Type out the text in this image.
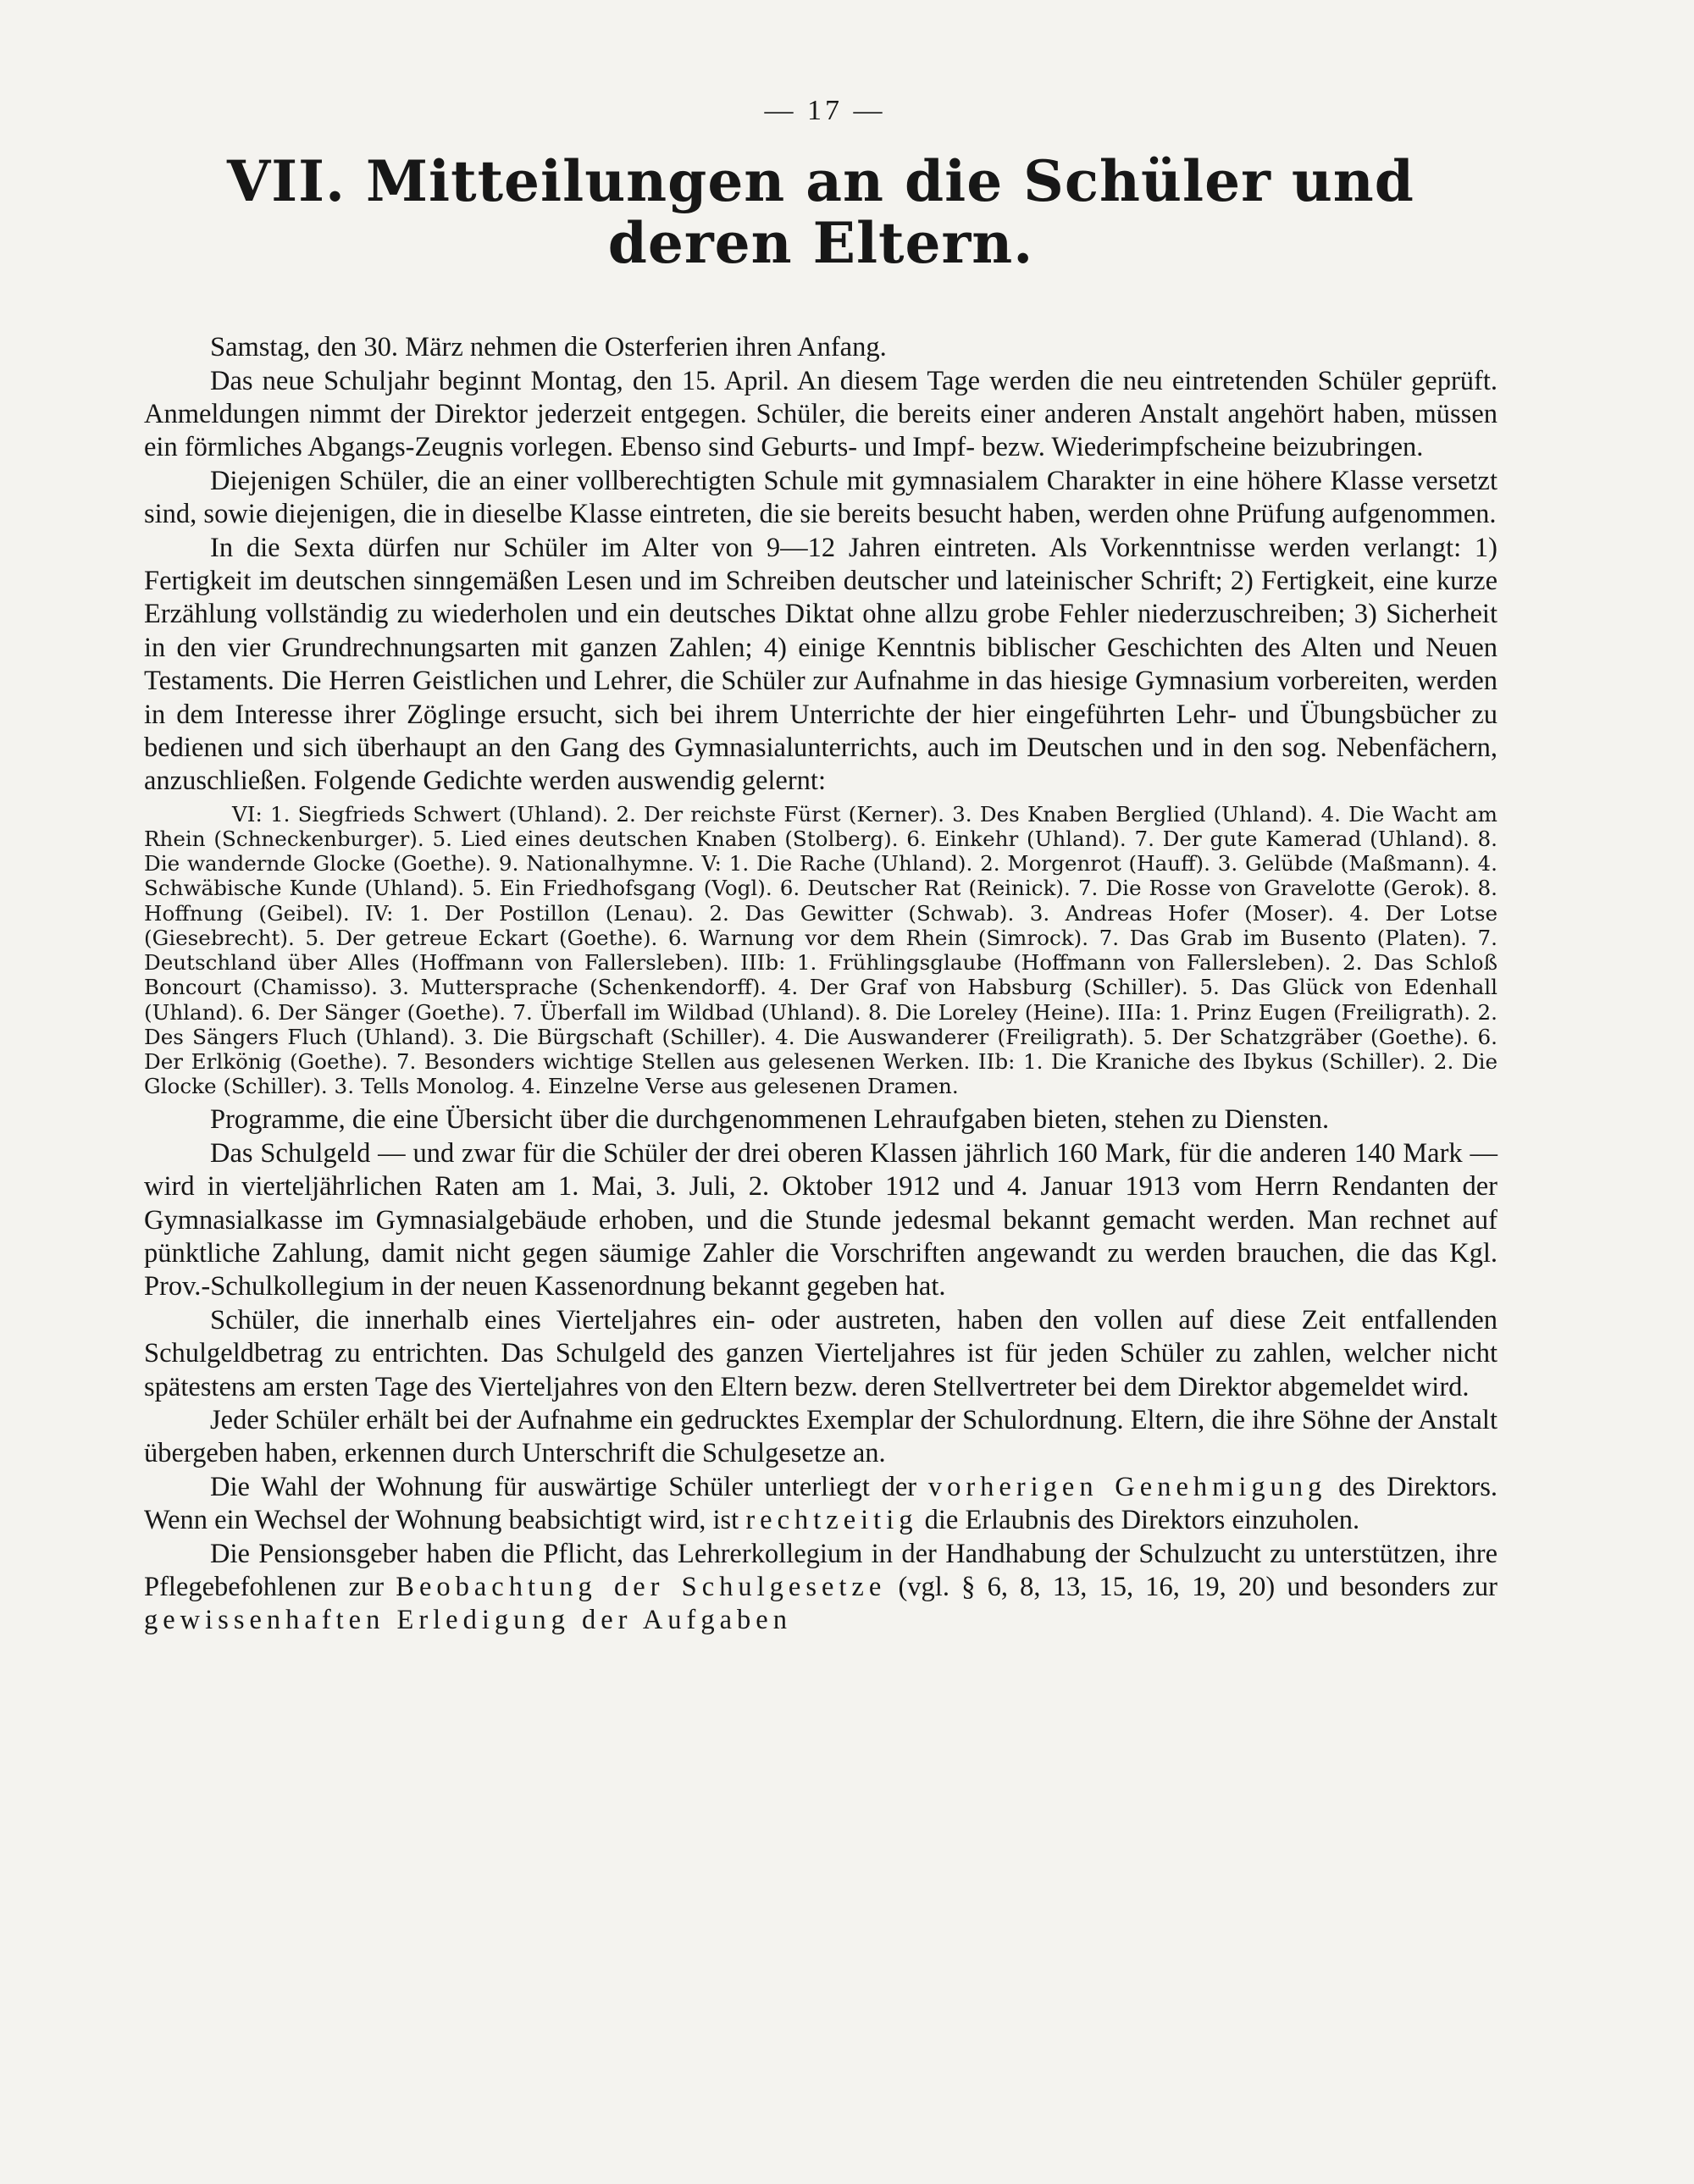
— 17 —
VII. Mitteilungen an die Schüler und deren Eltern.

Samstag, den 30. März nehmen die Osterferien ihren Anfang.

Das neue Schuljahr beginnt Montag, den 15. April. An diesem Tage werden die neu eintretenden Schüler geprüft. Anmeldungen nimmt der Direktor jederzeit entgegen. Schüler, die bereits einer anderen Anstalt angehört haben, müssen ein förmliches Abgangs-Zeugnis vorlegen. Ebenso sind Geburts- und Impf- bezw. Wiederimpfscheine beizubringen.

Diejenigen Schüler, die an einer vollberechtigten Schule mit gymnasialem Charakter in eine höhere Klasse versetzt sind, sowie diejenigen, die in dieselbe Klasse eintreten, die sie bereits besucht haben, werden ohne Prüfung aufgenommen.

In die Sexta dürfen nur Schüler im Alter von 9—12 Jahren eintreten. Als Vorkenntnisse werden verlangt: 1) Fertigkeit im deutschen sinngemäßen Lesen und im Schreiben deutscher und lateinischer Schrift; 2) Fertigkeit, eine kurze Erzählung vollständig zu wiederholen und ein deutsches Diktat ohne allzu grobe Fehler niederzuschreiben; 3) Sicherheit in den vier Grundrechnungsarten mit ganzen Zahlen; 4) einige Kenntnis biblischer Geschichten des Alten und Neuen Testaments. Die Herren Geistlichen und Lehrer, die Schüler zur Aufnahme in das hiesige Gymnasium vorbereiten, werden in dem Interesse ihrer Zöglinge ersucht, sich bei ihrem Unterrichte der hier eingeführten Lehr- und Übungsbücher zu bedienen und sich überhaupt an den Gang des Gymnasialunterrichts, auch im Deutschen und in den sog. Nebenfächern, anzuschließen. Folgende Gedichte werden auswendig gelernt:

VI: 1. Siegfrieds Schwert (Uhland). 2. Der reichste Fürst (Kerner). 3. Des Knaben Berglied (Uhland). 4. Die Wacht am Rhein (Schneckenburger). 5. Lied eines deutschen Knaben (Stolberg). 6. Einkehr (Uhland). 7. Der gute Kamerad (Uhland). 8. Die wandernde Glocke (Goethe). 9. Nationalhymne. V: 1. Die Rache (Uhland). 2. Morgenrot (Hauff). 3. Gelübde (Maßmann). 4. Schwäbische Kunde (Uhland). 5. Ein Friedhofsgang (Vogl). 6. Deutscher Rat (Reinick). 7. Die Rosse von Gravelotte (Gerok). 8. Hoffnung (Geibel). IV: 1. Der Postillon (Lenau). 2. Das Gewitter (Schwab). 3. Andreas Hofer (Moser). 4. Der Lotse (Giesebrecht). 5. Der getreue Eckart (Goethe). 6. Warnung vor dem Rhein (Simrock). 7. Das Grab im Busento (Platen). 7. Deutschland über Alles (Hoffmann von Fallersleben). IIIb: 1. Frühlingsglaube (Hoffmann von Fallersleben). 2. Das Schloß Boncourt (Chamisso). 3. Muttersprache (Schenkendorff). 4. Der Graf von Habsburg (Schiller). 5. Das Glück von Edenhall (Uhland). 6. Der Sänger (Goethe). 7. Überfall im Wildbad (Uhland). 8. Die Loreley (Heine). IIIa: 1. Prinz Eugen (Freiligrath). 2. Des Sängers Fluch (Uhland). 3. Die Bürgschaft (Schiller). 4. Die Auswanderer (Freiligrath). 5. Der Schatzgräber (Goethe). 6. Der Erlkönig (Goethe). 7. Besonders wichtige Stellen aus gelesenen Werken. IIb: 1. Die Kraniche des Ibykus (Schiller). 2. Die Glocke (Schiller). 3. Tells Monolog. 4. Einzelne Verse aus gelesenen Dramen.

Programme, die eine Übersicht über die durchgenommenen Lehraufgaben bieten, stehen zu Diensten.

Das Schulgeld — und zwar für die Schüler der drei oberen Klassen jährlich 160 Mark, für die anderen 140 Mark — wird in vierteljährlichen Raten am 1. Mai, 3. Juli, 2. Oktober 1912 und 4. Januar 1913 vom Herrn Rendanten der Gymnasialkasse im Gymnasialgebäude erhoben, und die Stunde jedesmal bekannt gemacht werden. Man rechnet auf pünktliche Zahlung, damit nicht gegen säumige Zahler die Vorschriften angewandt zu werden brauchen, die das Kgl. Prov.-Schulkollegium in der neuen Kassenordnung bekannt gegeben hat.

Schüler, die innerhalb eines Vierteljahres ein- oder austreten, haben den vollen auf diese Zeit entfallenden Schulgeldbetrag zu entrichten. Das Schulgeld des ganzen Vierteljahres ist für jeden Schüler zu zahlen, welcher nicht spätestens am ersten Tage des Vierteljahres von den Eltern bezw. deren Stellvertreter bei dem Direktor abgemeldet wird.

Jeder Schüler erhält bei der Aufnahme ein gedrucktes Exemplar der Schulordnung. Eltern, die ihre Söhne der Anstalt übergeben haben, erkennen durch Unterschrift die Schulgesetze an.

Die Wahl der Wohnung für auswärtige Schüler unterliegt der vorherigen Genehmigung des Direktors. Wenn ein Wechsel der Wohnung beabsichtigt wird, ist rechtzeitig die Erlaubnis des Direktors einzuholen.

Die Pensionsgeber haben die Pflicht, das Lehrerkollegium in der Handhabung der Schulzucht zu unterstützen, ihre Pflegebefohlenen zur Beobachtung der Schulgesetze (vgl. § 6, 8, 13, 15, 16, 19, 20) und besonders zur gewissenhaften Erledigung der Aufgaben
